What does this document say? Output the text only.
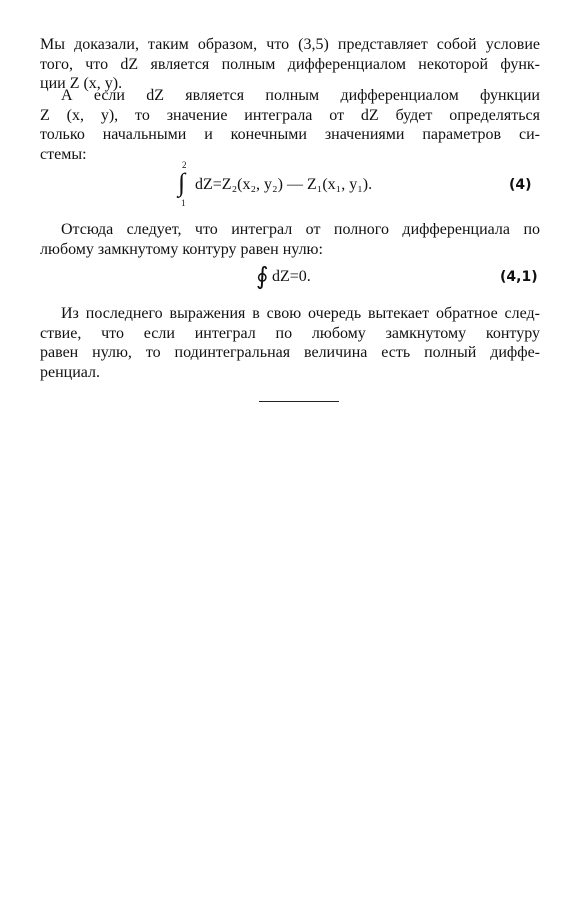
Мы доказали, таким образом, что (3,5) представляет собой условие
того, что dZ является полным дифференциалом некоторой функ-
ции Z (x, y).
А если dZ является полным дифференциалом функции
Z (x, y), то значение интеграла от dZ будет определяться
только начальными и конечными значениями параметров си-
стемы:
2
∫
1
dZ=Z₂(x₂, y₂) — Z₁(x₁, y₁).	(4)
Отсюда следует, что интеграл от полного дифференциала по
любому замкнутому контуру равен нулю:
∮ dZ=0.	(4,1)
Из последнего выражения в свою очередь вытекает обратное след-
ствие, что если интеграл по любому замкнутому контуру
равен нулю, то подинтегральная величина есть полный диффе-
ренциал.
